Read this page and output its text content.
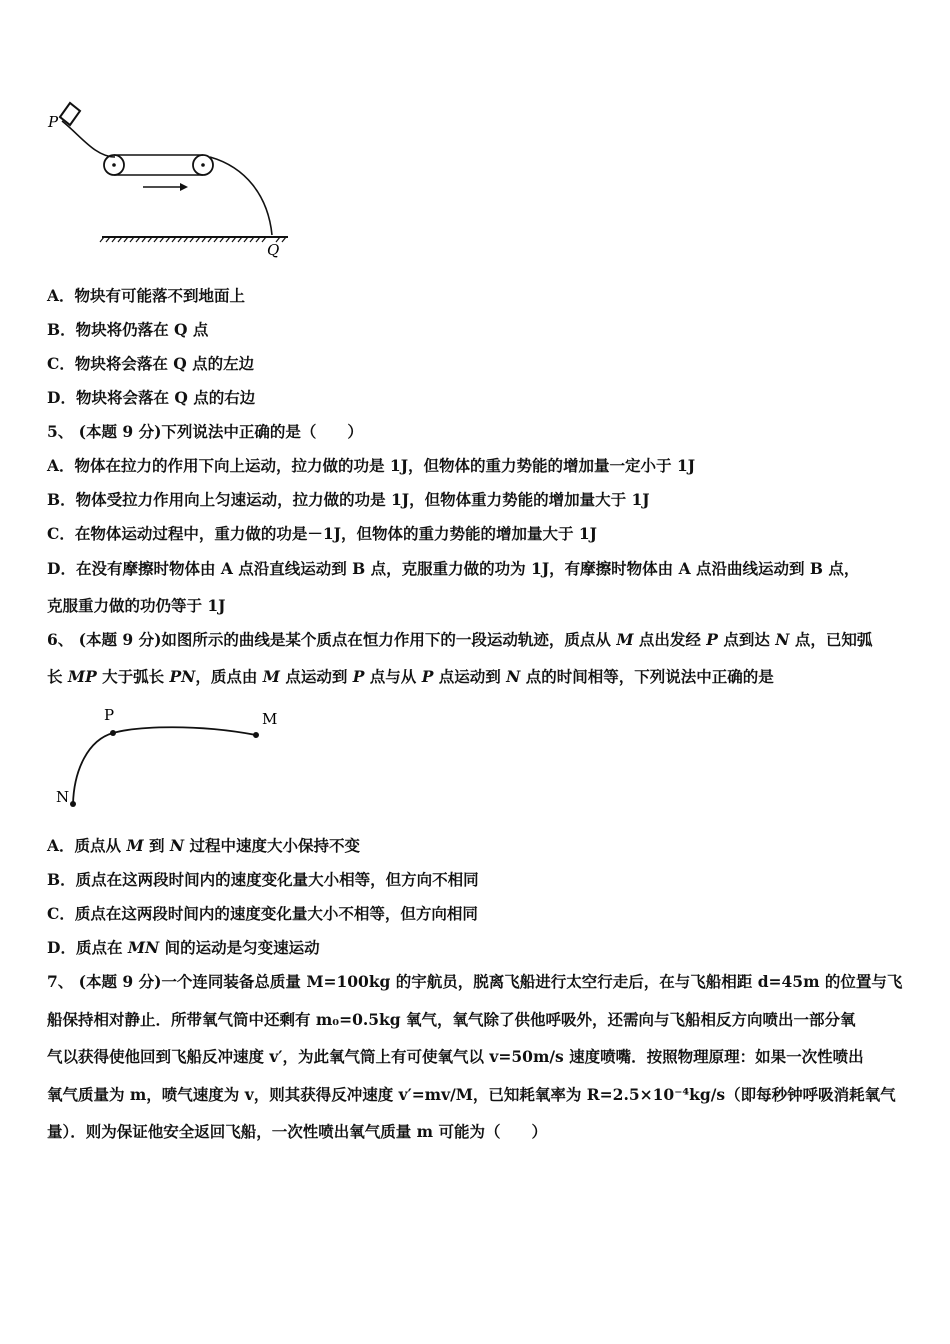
P
Q
A．物块有可能落不到地面上
B．物块将仍落在 Q 点
C．物块将会落在 Q 点的左边
D．物块将会落在 Q 点的右边
5、 (本题 9 分)下列说法中正确的是（　　）
A．物体在拉力的作用下向上运动，拉力做的功是 1J，但物体的重力势能的增加量一定小于 1J
B．物体受拉力作用向上匀速运动，拉力做的功是 1J，但物体重力势能的增加量大于 1J
C．在物体运动过程中，重力做的功是－1J，但物体的重力势能的增加量大于 1J
D．在没有摩擦时物体由 A 点沿直线运动到 B 点，克服重力做的功为 1J，有摩擦时物体由 A 点沿曲线运动到 B 点，
克服重力做的功仍等于 1J
6、 (本题 9 分)如图所示的曲线是某个质点在恒力作用下的一段运动轨迹，质点从 M 点出发经 P 点到达 N 点，已知弧
长 MP 大于弧长 PN，质点由 M 点运动到 P 点与从 P 点运动到 N 点的时间相等，下列说法中正确的是
P	M
N
A．质点从 M 到 N 过程中速度大小保持不变
B．质点在这两段时间内的速度变化量大小相等，但方向不相同
C．质点在这两段时间内的速度变化量大小不相等，但方向相同
D．质点在 MN 间的运动是匀变速运动
7、 (本题 9 分)一个连同装备总质量 M=100kg 的宇航员，脱离飞船进行太空行走后，在与飞船相距 d=45m 的位置与飞
船保持相对静止．所带氧气筒中还剩有 m₀=0.5kg 氧气，氧气除了供他呼吸外，还需向与飞船相反方向喷出一部分氧
气以获得使他回到飞船反冲速度 v′，为此氧气筒上有可使氧气以 v=50m/s 速度喷嘴．按照物理原理：如果一次性喷出
氧气质量为 m，喷气速度为 v，则其获得反冲速度 v′=mv/M，已知耗氧率为 R=2.5×10⁻⁴kg/s（即每秒钟呼吸消耗氧气
量）．则为保证他安全返回飞船，一次性喷出氧气质量 m 可能为（　　）
